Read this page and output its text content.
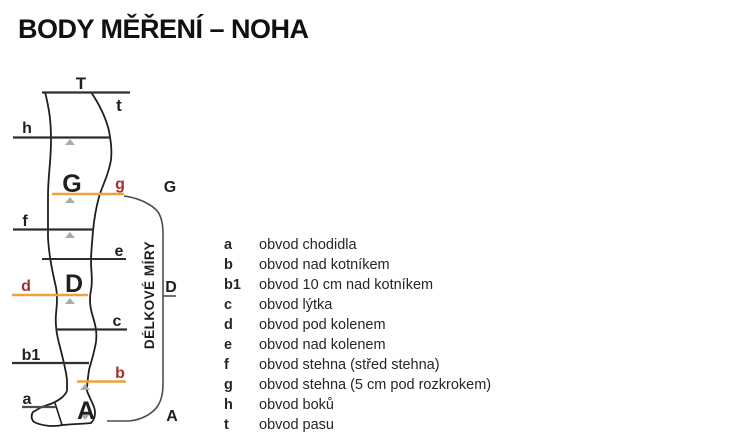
BODY MĚŘENÍ – NOHA
T
t
h
G g G
f
e
d D	D
c
b1
b
a A	A
DÉLKOVÉ MÍRY	a	obvod chodidla
b	obvod nad kotníkem
b1	obvod 10 cm nad kotníkem
c	obvod lýtka
d	obvod pod kolenem
e	obvod nad kolenem
f	obvod stehna (střed stehna)
g	obvod stehna (5 cm pod rozkrokem)
h	obvod boků
t	obvod pasu
